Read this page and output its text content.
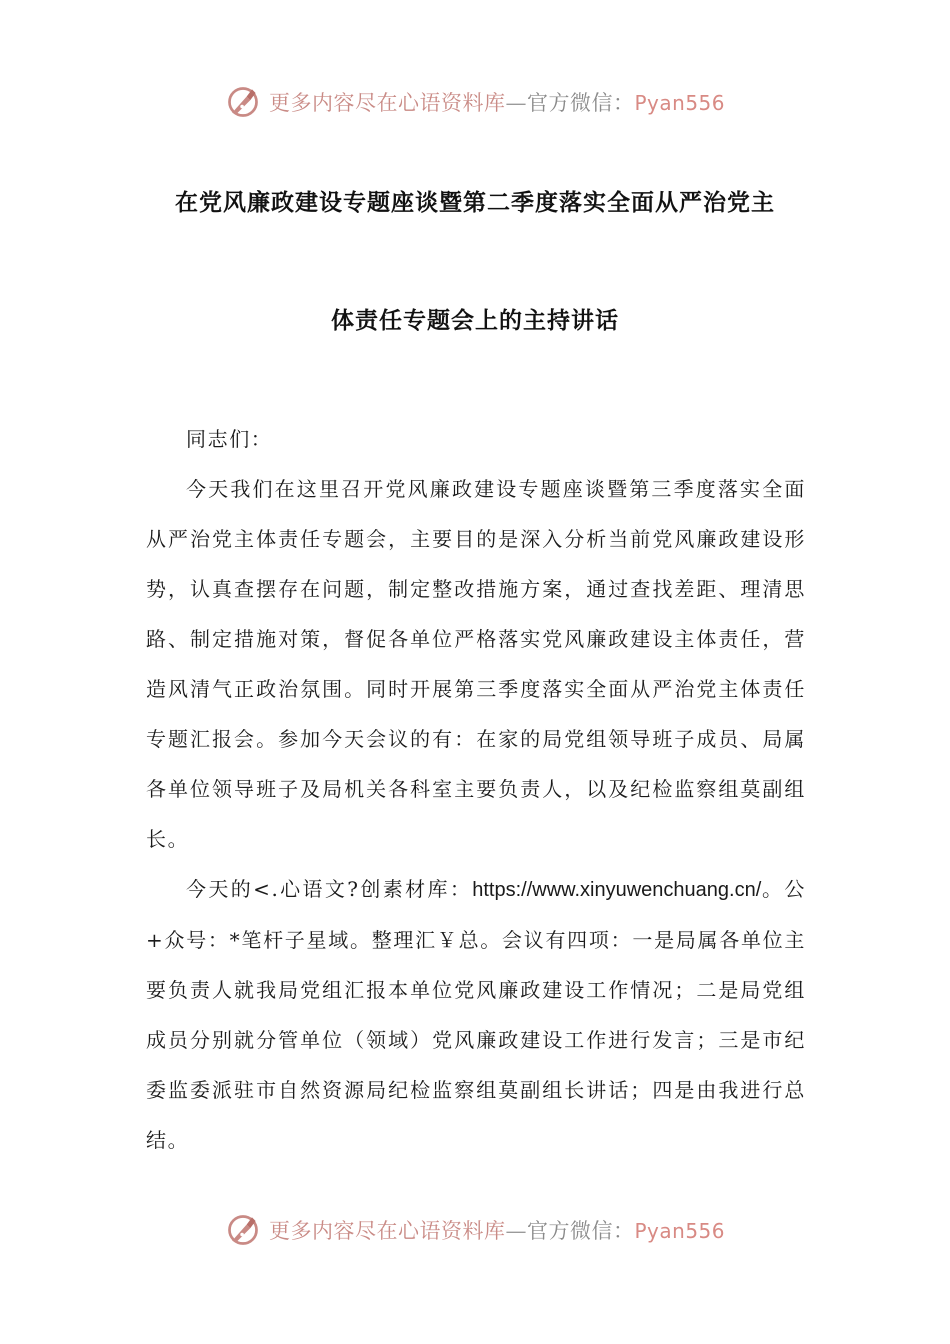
更多内容尽在心语资料库—官方微信：Pyan556
在党风廉政建设专题座谈暨第二季度落实全面从严治党主
体责任专题会上的主持讲话

同志们：

今天我们在这里召开党风廉政建设专题座谈暨第三季度落实全面从严治党主体责任专题会，主要目的是深入分析当前党风廉政建设形势，认真查摆存在问题，制定整改措施方案，通过查找差距、理清思路、制定措施对策，督促各单位严格落实党风廉政建设主体责任，营造风清气正政治氛围。同时开展第三季度落实全面从严治党主体责任专题汇报会。参加今天会议的有：在家的局党组领导班子成员、局属各单位领导班子及局机关各科室主要负责人，以及纪检监察组莫副组长。

今天的<.心语文?创素材库：https://www.xinyuwenchuang.cn/。公+众号：*笔杆子星域。整理汇￥总。会议有四项：一是局属各单位主要负责人就我局党组汇报本单位党风廉政建设工作情况；二是局党组成员分别就分管单位（领域）党风廉政建设工作进行发言；三是市纪委监委派驻市自然资源局纪检监察组莫副组长讲话；四是由我进行总结。

更多内容尽在心语资料库—官方微信：Pyan556
